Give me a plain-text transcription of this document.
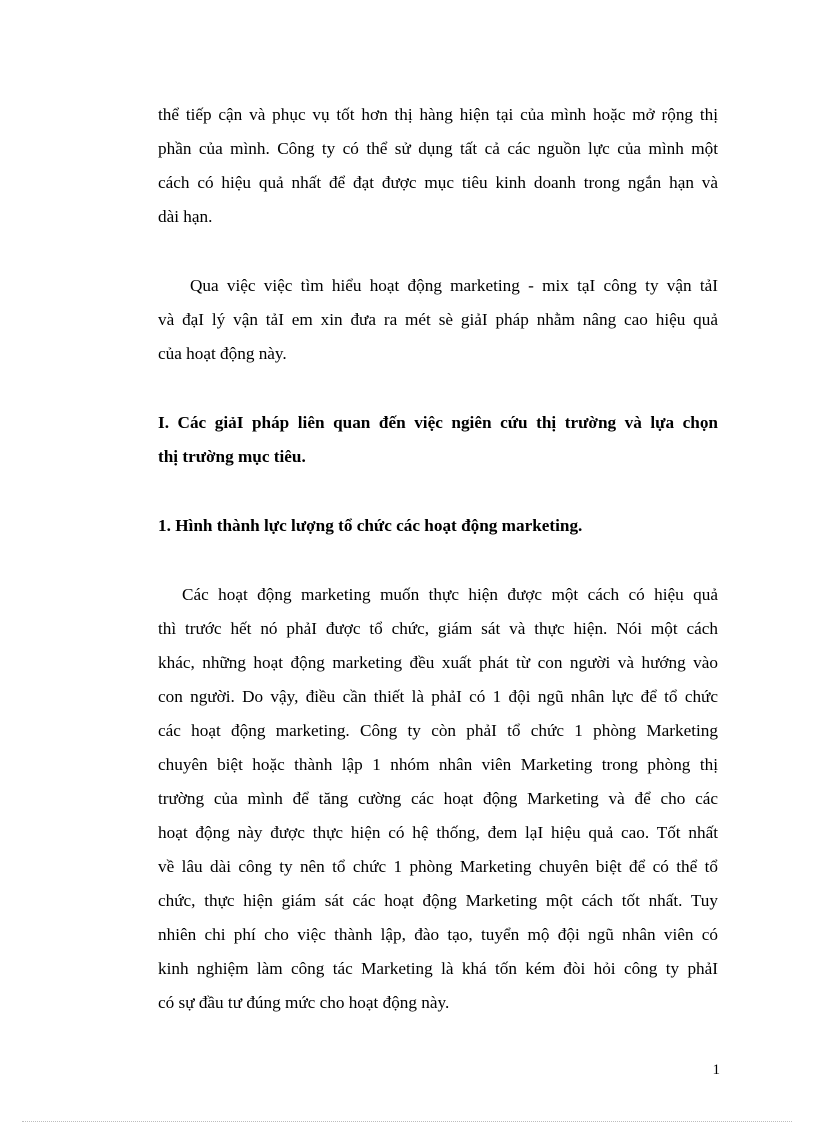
thể tiếp cận và phục vụ tốt hơn thị hàng hiện tại của mình hoặc mở rộng thị
phần của mình. Công ty có thể sử dụng tất cả các nguồn lực của mình một
cách có hiệu quả nhất để đạt được mục tiêu kinh doanh trong ngắn hạn và
dài hạn.
Qua việc việc tìm hiểu hoạt động marketing - mix tạI công ty vận tảI
và đạI lý vận tảI em xin đưa ra mét sè giảI pháp nhằm nâng cao hiệu quả
của hoạt động này.
I. Các giảI pháp liên quan đến việc ngiên cứu thị trường và lựa chọn
thị trường mục tiêu.
1. Hình thành lực lượng tổ chức các hoạt động marketing.
Các hoạt động marketing muốn thực hiện được một cách có hiệu quả
thì trước hết nó phảI được tổ chức, giám sát và thực hiện. Nói một cách
khác, những hoạt động marketing đều xuất phát từ con người và hướng vào
con người. Do vậy, điều cần thiết là phảI có 1 đội ngũ nhân lực để tổ chức
các hoạt động marketing. Công ty còn phảI tổ chức 1 phòng Marketing
chuyên biệt hoặc thành lập 1 nhóm nhân viên Marketing trong phòng thị
trường của mình để tăng cường các hoạt động Marketing và để cho các
hoạt động này được thực hiện có hệ thống, đem lạI hiệu quả cao. Tốt nhất
về lâu dài công ty nên tổ chức 1 phòng Marketing chuyên biệt để có thể tổ
chức, thực hiện giám sát các hoạt động Marketing một cách tốt nhất. Tuy
nhiên chi phí cho việc thành lập, đào tạo, tuyển mộ đội ngũ nhân viên có
kinh nghiệm làm công tác Marketing là khá tốn kém đòi hỏi công ty phảI
có sự đầu tư đúng mức cho hoạt động này.
1
